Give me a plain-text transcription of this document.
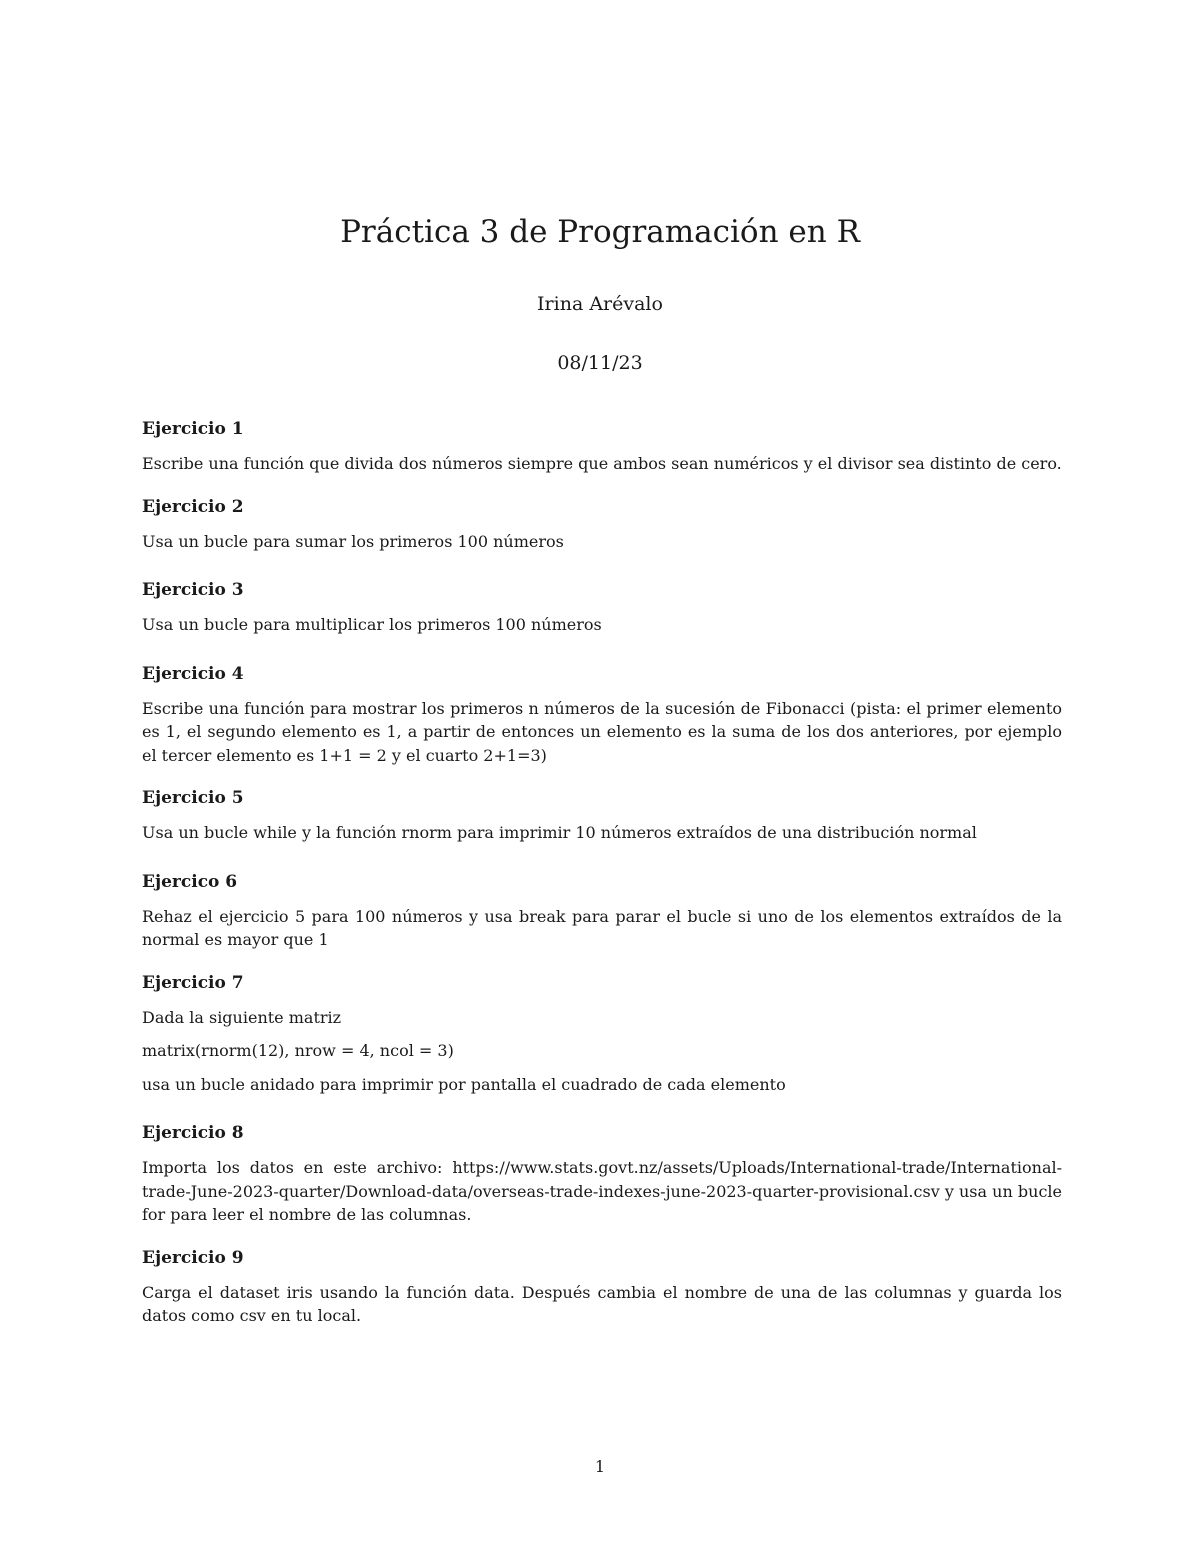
Práctica 3 de Programación en R
Irina Arévalo
08/11/23
Ejercicio 1
Escribe una función que divida dos números siempre que ambos sean numéricos y el divisor sea distinto de cero.
Ejercicio 2
Usa un bucle para sumar los primeros 100 números
Ejercicio 3
Usa un bucle para multiplicar los primeros 100 números
Ejercicio 4
Escribe una función para mostrar los primeros n números de la sucesión de Fibonacci (pista: el primer elemento es 1, el segundo elemento es 1, a partir de entonces un elemento es la suma de los dos anteriores, por ejemplo el tercer elemento es 1+1 = 2 y el cuarto 2+1=3)
Ejercicio 5
Usa un bucle while y la función rnorm para imprimir 10 números extraídos de una distribución normal
Ejercico 6
Rehaz el ejercicio 5 para 100 números y usa break para parar el bucle si uno de los elementos extraídos de la normal es mayor que 1
Ejercicio 7
Dada la siguiente matriz
matrix(rnorm(12), nrow = 4, ncol = 3)
usa un bucle anidado para imprimir por pantalla el cuadrado de cada elemento
Ejercicio 8
Importa los datos en este archivo: https://www.stats.govt.nz/assets/Uploads/International-trade/International-trade-June-2023-quarter/Download-data/overseas-trade-indexes-june-2023-quarter-provisional.csv y usa un bucle for para leer el nombre de las columnas.
Ejercicio 9
Carga el dataset iris usando la función data. Después cambia el nombre de una de las columnas y guarda los datos como csv en tu local.
1
